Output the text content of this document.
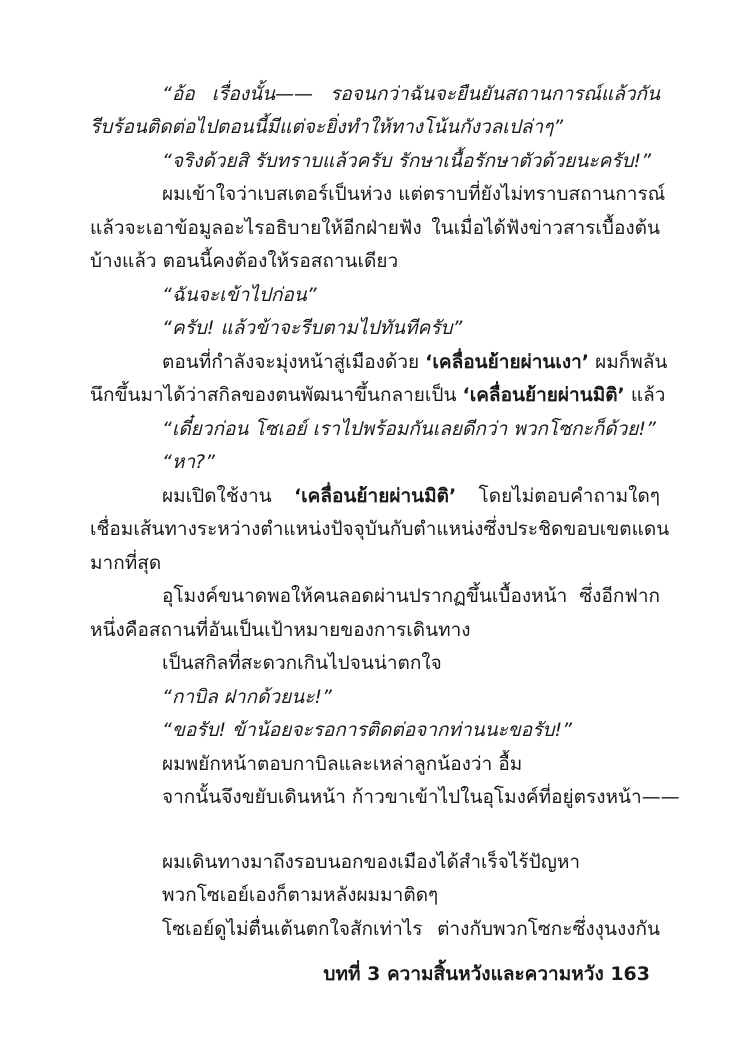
“อ้อ เรื่องนั้น—— รอจนกว่าฉันจะยืนยันสถานการณ์แล้วกัน
รีบร้อนติดต่อไปตอนนี้มีแต่จะยิ่งทำให้ทางโน้นกังวลเปล่าๆ”
“จริงด้วยสิ รับทราบแล้วครับ รักษาเนื้อรักษาตัวด้วยนะครับ!”
ผมเข้าใจว่าเบสเตอร์เป็นห่วง แต่ตราบที่ยังไม่ทราบสถานการณ์
แล้วจะเอาข้อมูลอะไรอธิบายให้อีกฝ่ายฟัง ในเมื่อได้ฟังข่าวสารเบื้องต้น
บ้างแล้ว ตอนนี้คงต้องให้รอสถานเดียว
“ฉันจะเข้าไปก่อน”
“ครับ! แล้วข้าจะรีบตามไปทันทีครับ”
ตอนที่กำลังจะมุ่งหน้าสู่เมืองด้วย ‘เคลื่อนย้ายผ่านเงา’ ผมก็พลัน
นึกขึ้นมาได้ว่าสกิลของตนพัฒนาขึ้นกลายเป็น ‘เคลื่อนย้ายผ่านมิติ’ แล้ว
“เดี๋ยวก่อน โซเอย์ เราไปพร้อมกันเลยดีกว่า พวกโซกะก็ด้วย!”
“หา?”
ผมเปิดใช้งาน ‘เคลื่อนย้ายผ่านมิติ’ โดยไม่ตอบคำถามใดๆ
เชื่อมเส้นทางระหว่างตำแหน่งปัจจุบันกับตำแหน่งซึ่งประชิดขอบเขตแดน
มากที่สุด
อุโมงค์ขนาดพอให้คนลอดผ่านปรากฏขึ้นเบื้องหน้า ซึ่งอีกฟาก
หนึ่งคือสถานที่อันเป็นเป้าหมายของการเดินทาง
เป็นสกิลที่สะดวกเกินไปจนน่าตกใจ
“กาบิล ฝากด้วยนะ!”
“ขอรับ! ข้าน้อยจะรอการติดต่อจากท่านนะขอรับ!”
ผมพยักหน้าตอบกาบิลและเหล่าลูกน้องว่า อื้ม
จากนั้นจึงขยับเดินหน้า ก้าวขาเข้าไปในอุโมงค์ที่อยู่ตรงหน้า——
ผมเดินทางมาถึงรอบนอกของเมืองได้สำเร็จไร้ปัญหา
พวกโซเอย์เองก็ตามหลังผมมาติดๆ
โซเอย์ดูไม่ตื่นเต้นตกใจสักเท่าไร ต่างกับพวกโซกะซึ่งงุนงงกัน
บทที่ 3 ความสิ้นหวังและความหวัง 163
